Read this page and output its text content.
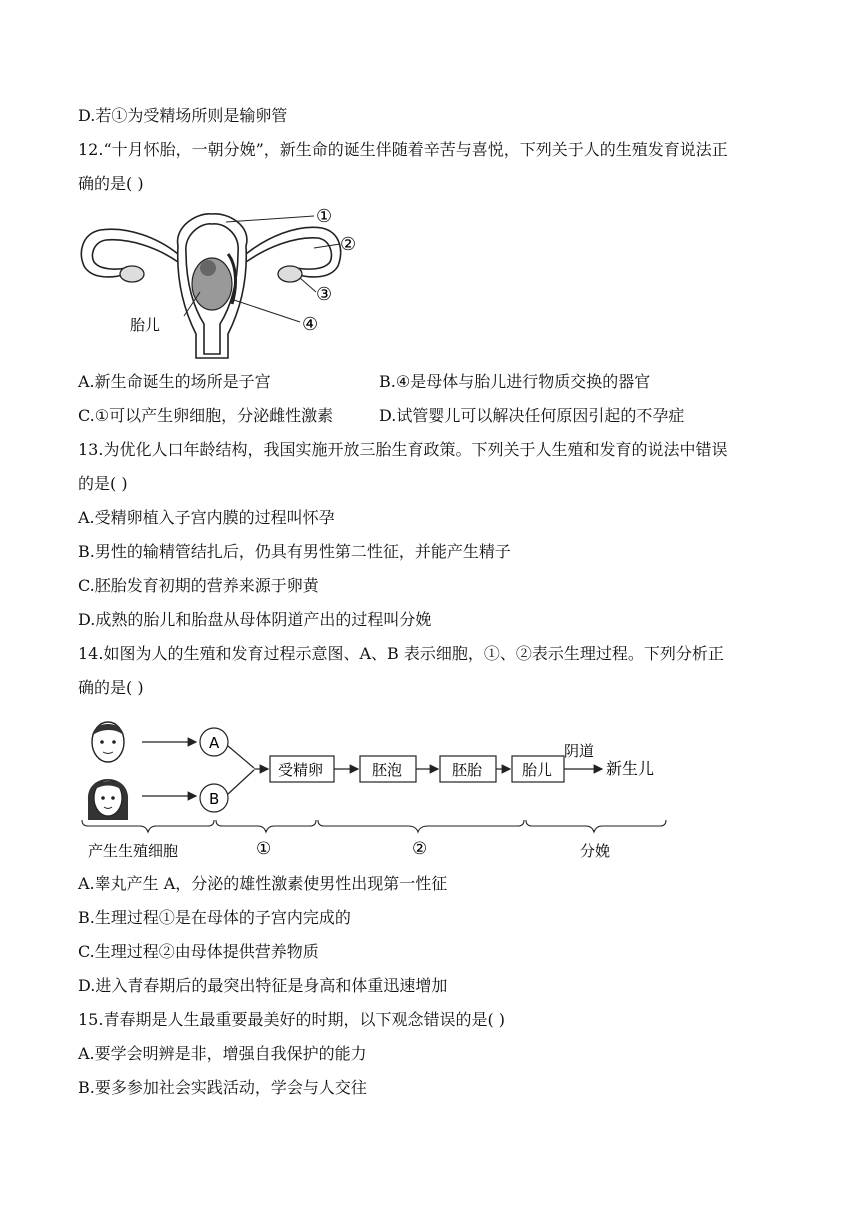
D.若①为受精场所则是输卵管
12.“十月怀胎，一朝分娩”，新生命的诞生伴随着辛苦与喜悦，下列关于人的生殖发育说法正
确的是( )
①
②
③
④
胎儿
A.新生命诞生的场所是子宫	B.④是母体与胎儿进行物质交换的器官
C.①可以产生卵细胞，分泌雌性激素	D.试管婴儿可以解决任何原因引起的不孕症
13.为优化人口年龄结构，我国实施开放三胎生育政策。下列关于人生殖和发育的说法中错误
的是( )
A.受精卵植入子宫内膜的过程叫怀孕
B.男性的输精管结扎后，仍具有男性第二性征，并能产生精子
C.胚胎发育初期的营养来源于卵黄
D.成熟的胎儿和胎盘从母体阴道产出的过程叫分娩
14.如图为人的生殖和发育过程示意图、A、B 表示细胞，①、②表示生理过程。下列分析正
确的是( )
A
B
受精卵	胚泡	胚胎	胎儿
阴道
新生儿
产生生殖细胞	①	②	分娩
A.睾丸产生 A，分泌的雄性激素使男性出现第一性征
B.生理过程①是在母体的子宫内完成的
C.生理过程②由母体提供营养物质
D.进入青春期后的最突出特征是身高和体重迅速增加
15.青春期是人生最重要最美好的时期，以下观念错误的是( )
A.要学会明辨是非，增强自我保护的能力
B.要多参加社会实践活动，学会与人交往
